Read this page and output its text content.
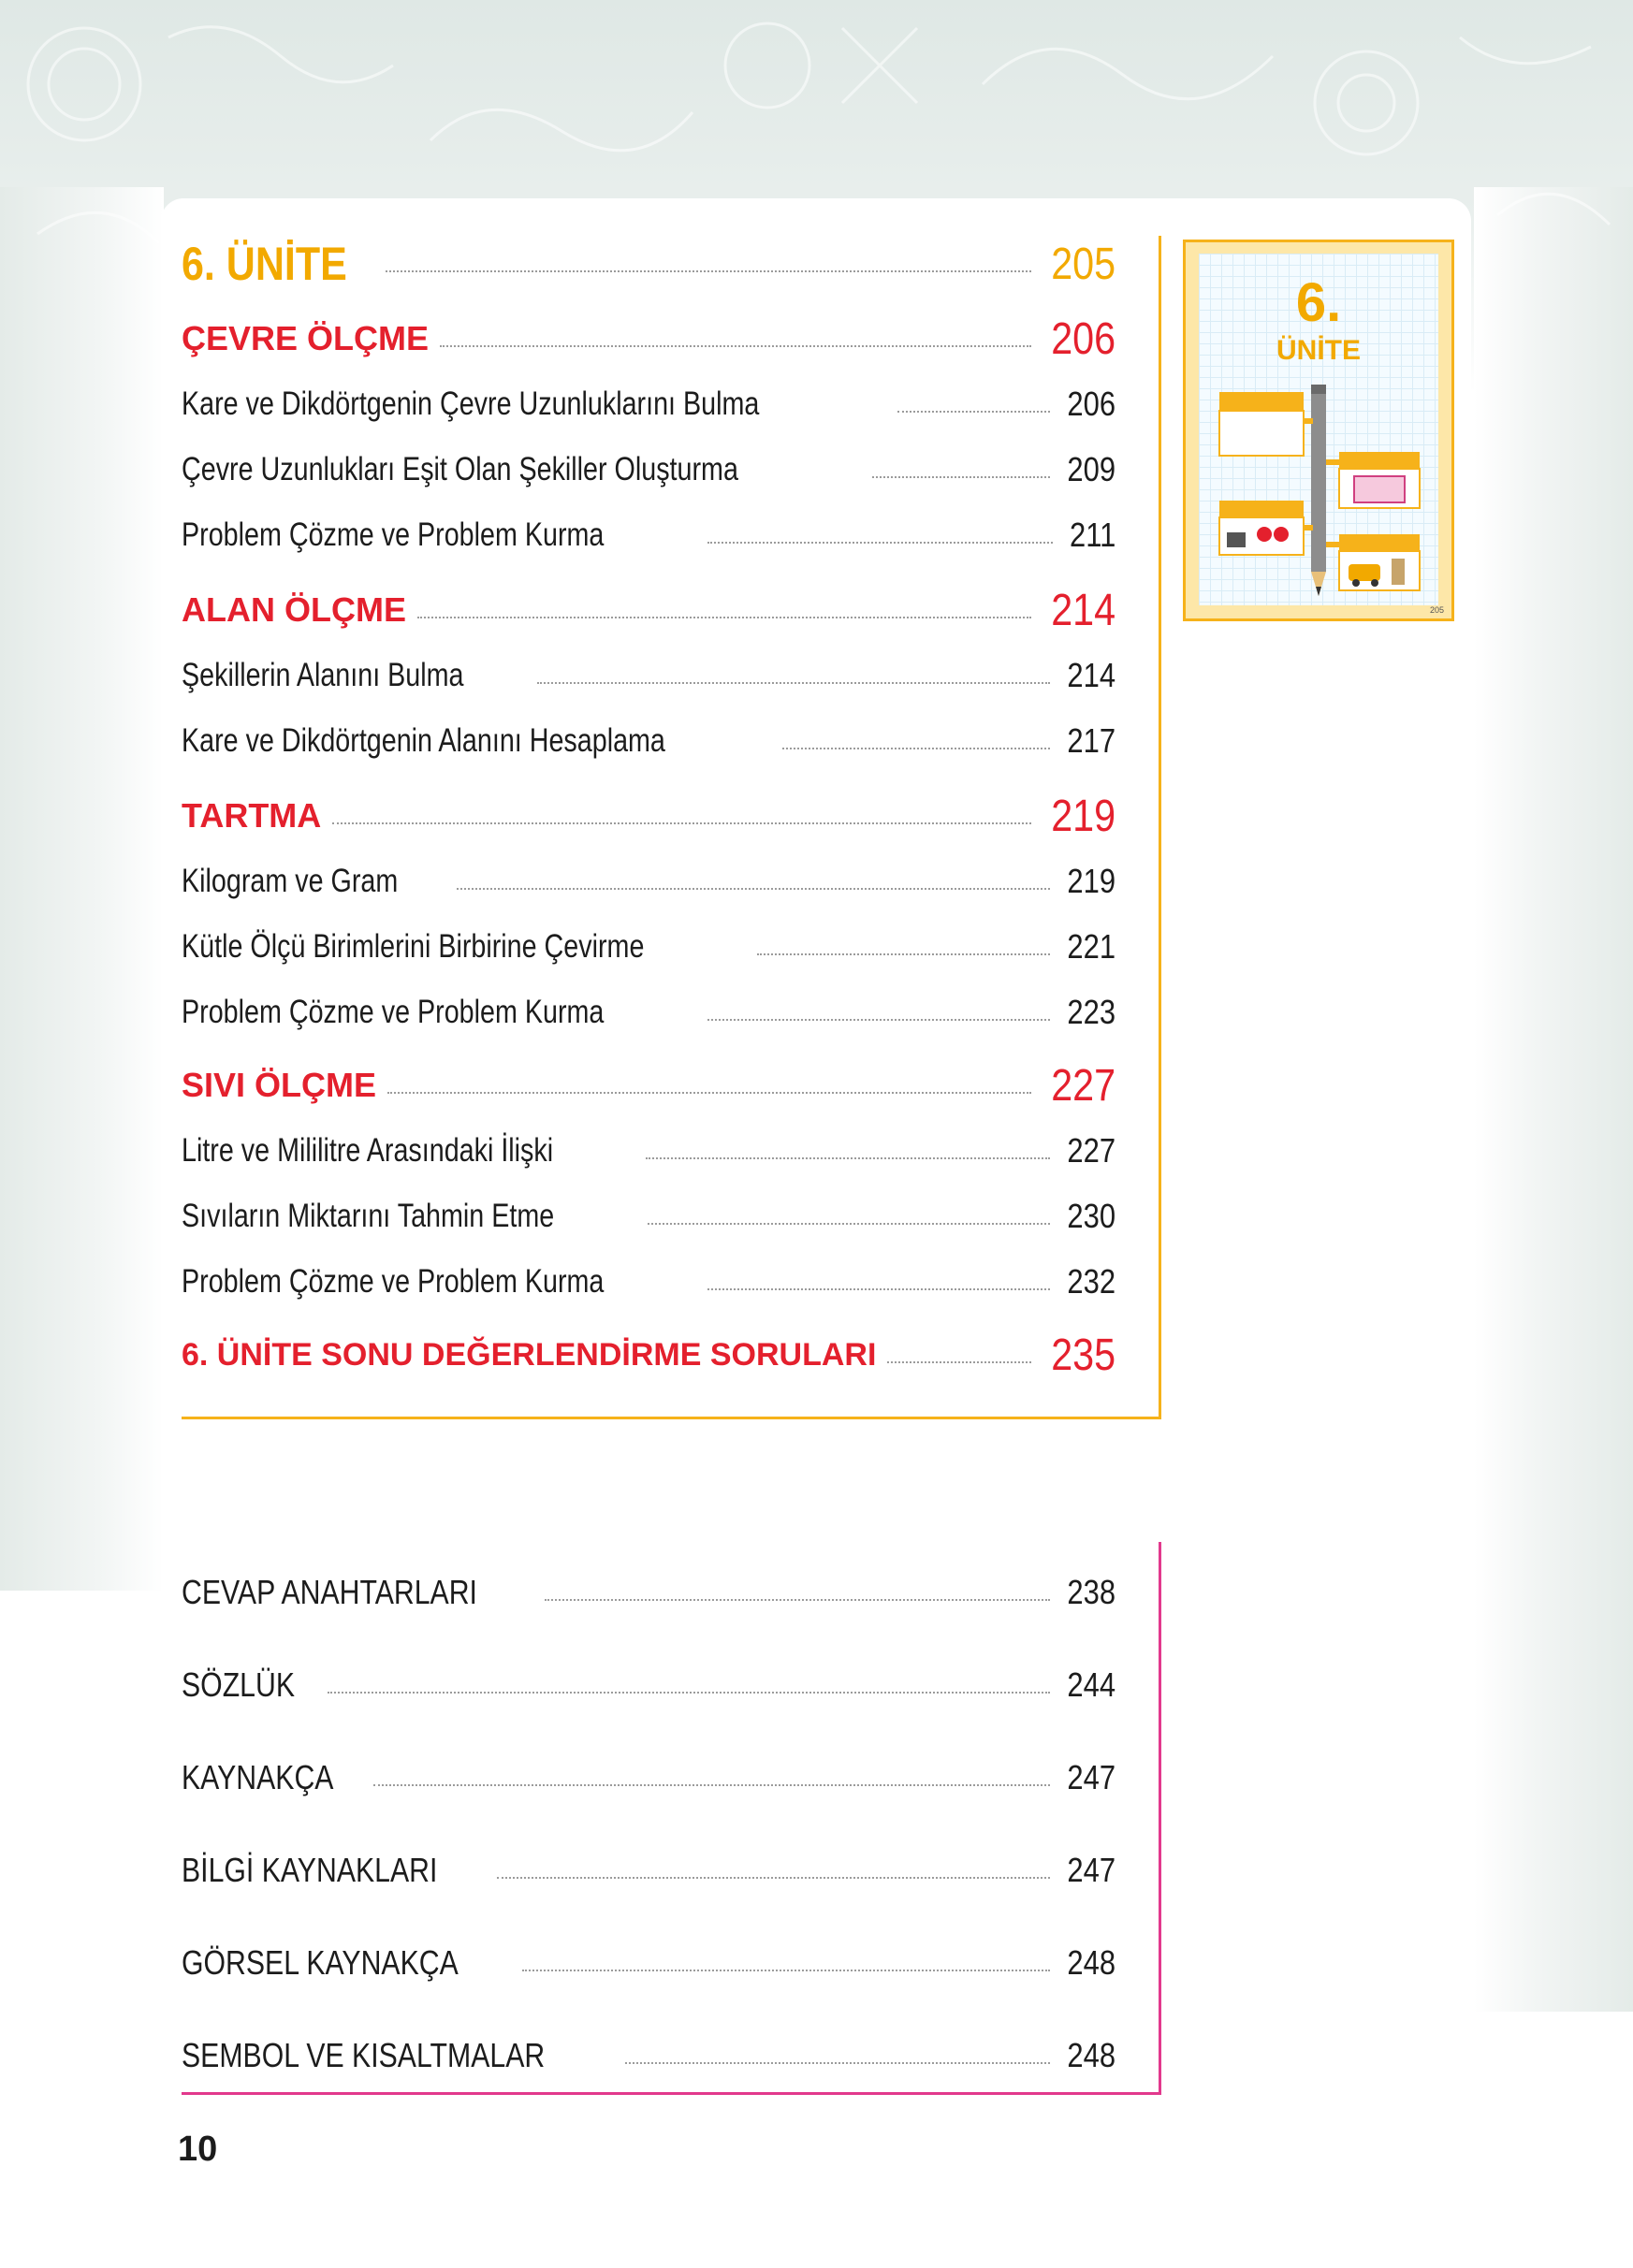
6. ÜNİTE	205
ÇEVRE ÖLÇME	206
Kare ve Dikdörtgenin Çevre Uzunluklarını Bulma	206
Çevre Uzunlukları Eşit Olan Şekiller Oluşturma	209
Problem Çözme ve Problem Kurma	211
ALAN ÖLÇME	214
Şekillerin Alanını Bulma	214
Kare ve Dikdörtgenin Alanını Hesaplama	217
TARTMA	219
Kilogram ve Gram	219
Kütle Ölçü Birimlerini Birbirine Çevirme	221
Problem Çözme ve Problem Kurma	223
SIVI ÖLÇME	227
Litre ve Mililitre Arasındaki İlişki	227
Sıvıların Miktarını Tahmin Etme	230
Problem Çözme ve Problem Kurma	232
6. ÜNİTE SONU DEĞERLENDİRME SORULARI	235
CEVAP ANAHTARLARI	238
SÖZLÜK	244
KAYNAKÇA	247
BİLGİ KAYNAKLARI	247
GÖRSEL KAYNAKÇA	248
SEMBOL VE KISALTMALAR	248
6.
ÜNİTE
205
10
